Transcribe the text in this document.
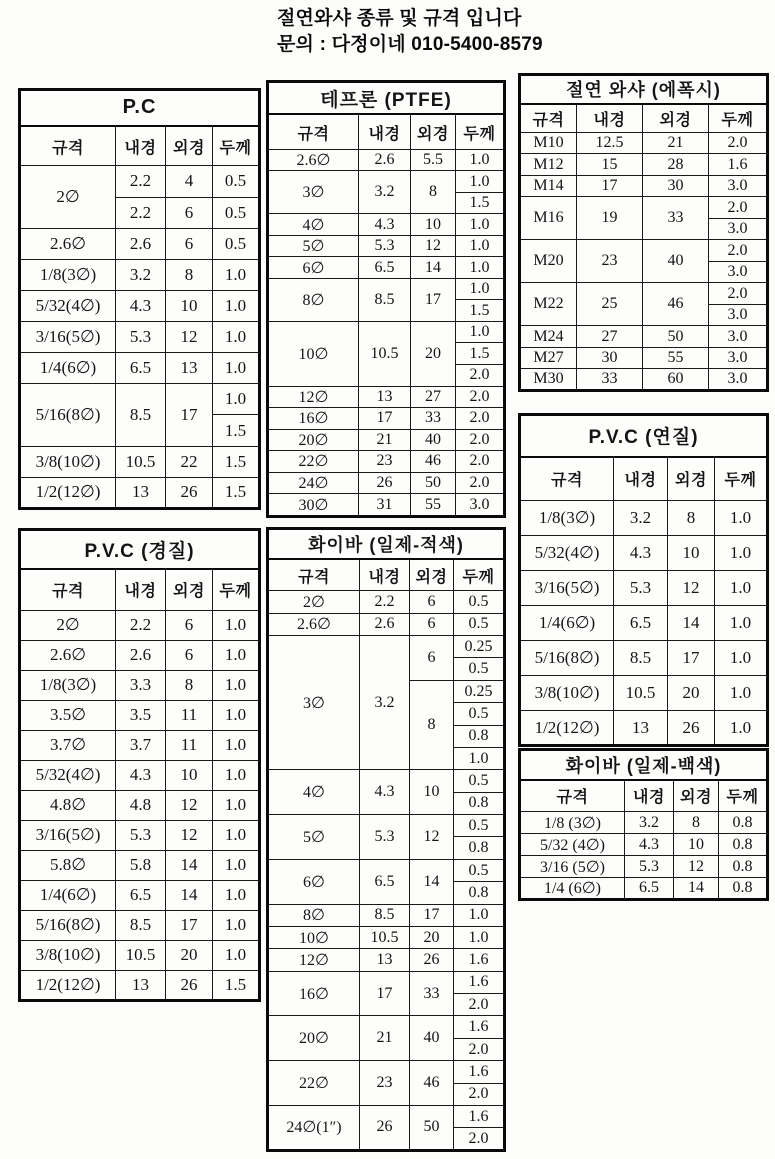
절연와샤 종류 및 규격 입니다
문의 : 다정이네 010-5400-8579
P.C			
규격	내경	외경	두께
2∅	2.2	4	0.5
	2.2	6	0.5
2.6∅	2.6	6	0.5
1/8(3∅)	3.2	8	1.0
5/32(4∅)	4.3	10	1.0
3/16(5∅)	5.3	12	1.0
1/4(6∅)	6.5	13	1.0
5/16(8∅)	8.5	17	1.0
			1.5
3/8(10∅)	10.5	22	1.5
1/2(12∅)	13	26	1.5
P.V.C (경질)			
규격	내경	외경	두께
2∅	2.2	6	1.0
2.6∅	2.6	6	1.0
1/8(3∅)	3.3	8	1.0
3.5∅	3.5	11	1.0
3.7∅	3.7	11	1.0
5/32(4∅)	4.3	10	1.0
4.8∅	4.8	12	1.0
3/16(5∅)	5.3	12	1.0
5.8∅	5.8	14	1.0
1/4(6∅)	6.5	14	1.0
5/16(8∅)	8.5	17	1.0
3/8(10∅)	10.5	20	1.0
1/2(12∅)	13	26	1.5
테프론 (PTFE)			
규격	내경	외경	두께
2.6∅	2.6	5.5	1.0
3∅	3.2	8	1.0
			1.5
4∅	4.3	10	1.0
5∅	5.3	12	1.0
6∅	6.5	14	1.0
8∅	8.5	17	1.0
			1.5
10∅	10.5	20	1.0
			1.5
			2.0
12∅	13	27	2.0
16∅	17	33	2.0
20∅	21	40	2.0
22∅	23	46	2.0
24∅	26	50	2.0
30∅	31	55	3.0
화이바 (일제-적색)			
규격	내경	외경	두께
2∅	2.2	6	0.5
2.6∅	2.6	6	0.5
3∅	3.2	6	0.25
			0.5
		8	0.25
			0.5
			0.8
			1.0
4∅	4.3	10	0.5
			0.8
5∅	5.3	12	0.5
			0.8
6∅	6.5	14	0.5
			0.8
8∅	8.5	17	1.0
10∅	10.5	20	1.0
12∅	13	26	1.6
16∅	17	33	1.6
			2.0
20∅	21	40	1.6
			2.0
22∅	23	46	1.6
			2.0
24∅(1″)	26	50	1.6
			2.0
절연 와샤 (에폭시)			
규격	내경	외경	두께
M10	12.5	21	2.0
M12	15	28	1.6
M14	17	30	3.0
M16	19	33	2.0
			3.0
M20	23	40	2.0
			3.0
M22	25	46	2.0
			3.0
M24	27	50	3.0
M27	30	55	3.0
M30	33	60	3.0
P.V.C (연질)			
규격	내경	외경	두께
1/8(3∅)	3.2	8	1.0
5/32(4∅)	4.3	10	1.0
3/16(5∅)	5.3	12	1.0
1/4(6∅)	6.5	14	1.0
5/16(8∅)	8.5	17	1.0
3/8(10∅)	10.5	20	1.0
1/2(12∅)	13	26	1.0
화이바 (일제-백색)			
규격	내경	외경	두께
1/8 (3∅)	3.2	8	0.8
5/32 (4∅)	4.3	10	0.8
3/16 (5∅)	5.3	12	0.8
1/4 (6∅)	6.5	14	0.8
